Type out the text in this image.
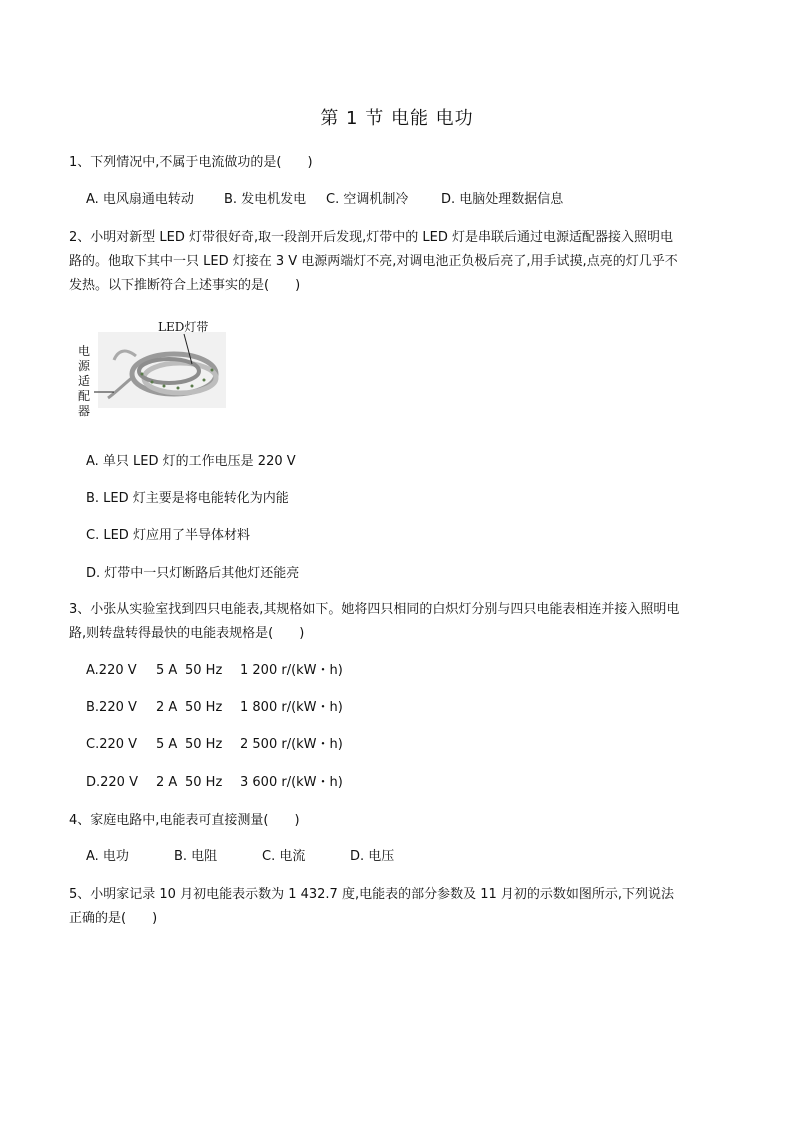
第 1 节 电能 电功
1、下列情况中,不属于电流做功的是(　　)
A. 电风扇通电转动 B. 发电机发电 C. 空调机制冷	D. 电脑处理数据信息
2、小明对新型 LED 灯带很好奇,取一段剖开后发现,灯带中的 LED 灯是串联后通过电源适配器接入照明电
路的。他取下其中一只 LED 灯接在 3 V 电源两端灯不亮,对调电池正负极后亮了,用手试摸,点亮的灯几乎不
发热。以下推断符合上述事实的是(　　)
LED灯带
电
源
适
配
器
A. 单只 LED 灯的工作电压是 220 V
B. LED 灯主要是将电能转化为内能
C. LED 灯应用了半导体材料
D. 灯带中一只灯断路后其他灯还能亮
3、小张从实验室找到四只电能表,其规格如下。她将四只相同的白炽灯分别与四只电能表相连并接入照明电
路,则转盘转得最快的电能表规格是(　　)
A.220 V 5 A 50 Hz 1 200 r/(kW・h)
B.220 V 2 A 50 Hz 1 800 r/(kW・h)
C.220 V 5 A 50 Hz 2 500 r/(kW・h)
D.220 V 2 A 50 Hz 3 600 r/(kW・h)
4、家庭电路中,电能表可直接测量(　　)
A. 电功	B. 电阻	C. 电流	D. 电压
5、小明家记录 10 月初电能表示数为 1 432.7 度,电能表的部分参数及 11 月初的示数如图所示,下列说法
正确的是(　　)
